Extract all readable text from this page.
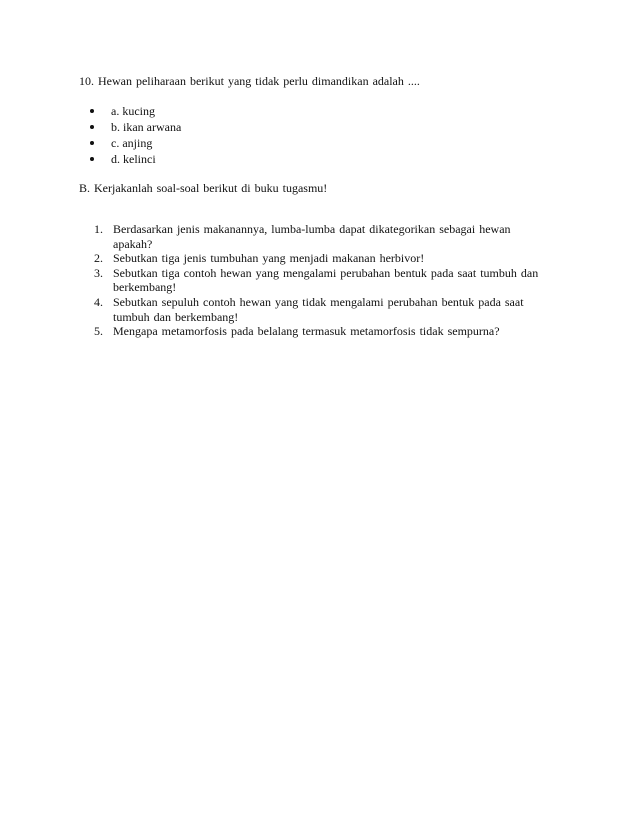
10. Hewan peliharaan berikut yang tidak perlu dimandikan adalah ....
a. kucing
b. ikan arwana
c. anjing
d. kelinci
B. Kerjakanlah soal-soal berikut di buku tugasmu!
1. Berdasarkan jenis makanannya, lumba-lumba dapat dikategorikan sebagai hewan
apakah?
2. Sebutkan tiga jenis tumbuhan yang menjadi makanan herbivor!
3. Sebutkan tiga contoh hewan yang mengalami perubahan bentuk pada saat tumbuh dan
berkembang!
4. Sebutkan sepuluh contoh hewan yang tidak mengalami perubahan bentuk pada saat
tumbuh dan berkembang!
5. Mengapa metamorfosis pada belalang termasuk metamorfosis tidak sempurna?
